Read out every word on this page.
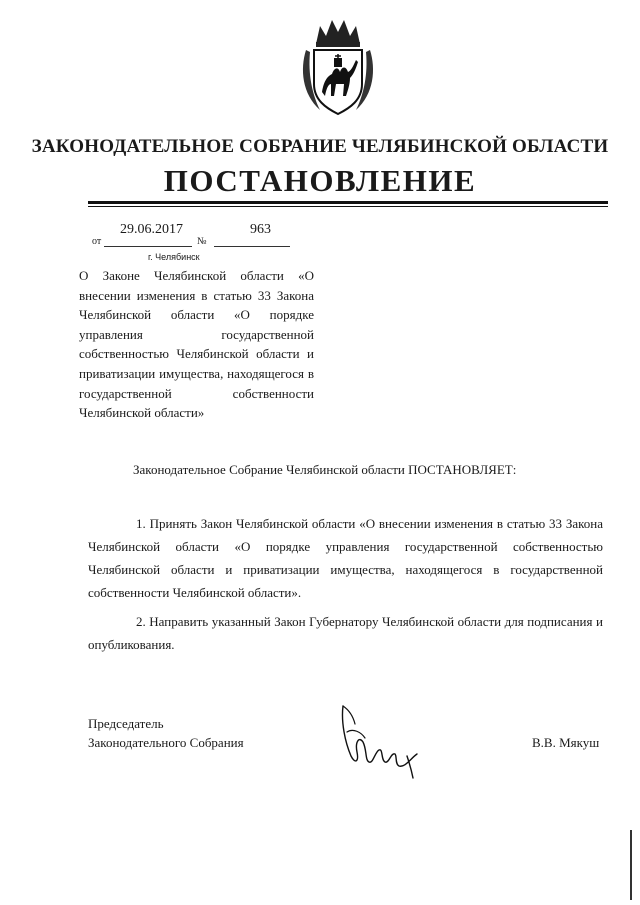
ЗАКОНОДАТЕЛЬНОЕ СОБРАНИЕ ЧЕЛЯБИНСКОЙ ОБЛАСТИ
ПОСТАНОВЛЕНИЕ
29.06.2017	963
от	№
г. Челябинск
О Законе Челябинской области «О внесении изменения в статью 33 Закона Челябинской области «О порядке управления государственной собственностью Челябинской области и приватизации имущества, находящегося в государственной собственности Челябинской области»
Законодательное Собрание Челябинской области ПОСТАНОВЛЯЕТ:

1. Принять Закон Челябинской области «О внесении изменения в статью 33 Закона Челябинской области «О порядке управления государственной собственностью Челябинской области и приватизации имущества, находящегося в государственной собственности Челябинской области».

2. Направить указанный Закон Губернатору Челябинской области для подписания и опубликования.

Председатель
Законодательного Собрания	В.В. Мякуш
